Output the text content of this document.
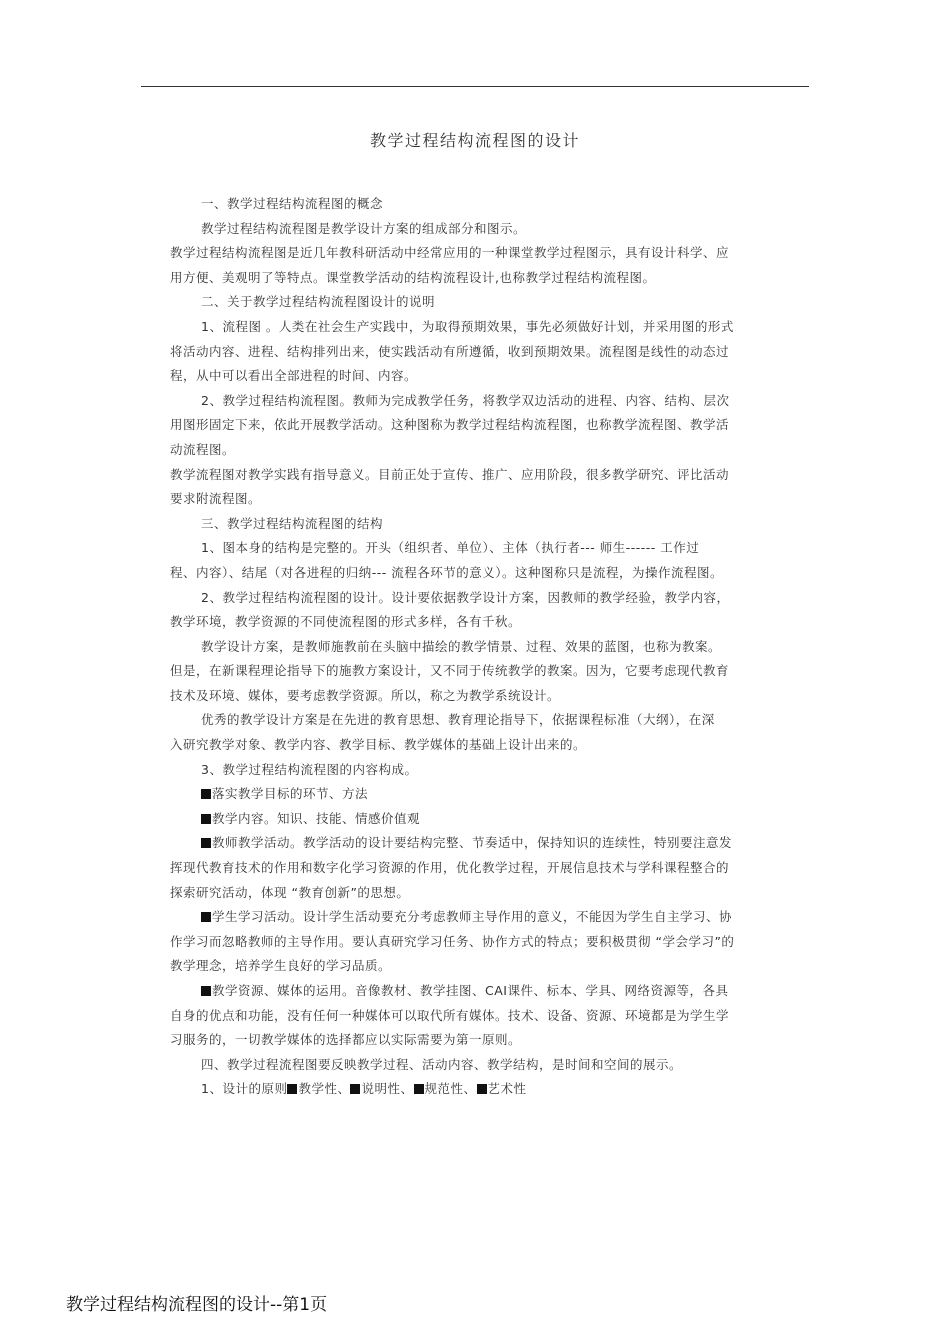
教学过程结构流程图的设计
一、教学过程结构流程图的概念
教学过程结构流程图是教学设计方案的组成部分和图示。
教学过程结构流程图是近几年教科研活动中经常应用的一种课堂教学过程图示，具有设计科学、应
用方便、美观明了等特点。课堂教学活动的结构流程设计,也称教学过程结构流程图。
二、关于教学过程结构流程图设计的说明
1、流程图 。人类在社会生产实践中，为取得预期效果，事先必须做好计划，并采用图的形式
将活动内容、进程、结构排列出来，使实践活动有所遵循，收到预期效果。流程图是线性的动态过
程，从中可以看出全部进程的时间、内容。
2、教学过程结构流程图。教师为完成教学任务，将教学双边活动的进程、内容、结构、层次
用图形固定下来，依此开展教学活动。这种图称为教学过程结构流程图，也称教学流程图、教学活
动流程图。
教学流程图对教学实践有指导意义。目前正处于宣传、推广、应用阶段，很多教学研究、评比活动
要求附流程图。
三、教学过程结构流程图的结构
1、图本身的结构是完整的。开头（组织者、单位）、主体（执行者--- 师生------ 工作过
程、内容）、结尾（对各进程的归纳--- 流程各环节的意义）。这种图称只是流程，为操作流程图。
2、教学过程结构流程图的设计。设计要依据教学设计方案，因教师的教学经验，教学内容，
教学环境，教学资源的不同使流程图的形式多样，各有千秋。
教学设计方案，是教师施教前在头脑中描绘的教学情景、过程、效果的蓝图，也称为教案。
但是，在新课程理论指导下的施教方案设计，又不同于传统教学的教案。因为，它要考虑现代教育
技术及环境、媒体，要考虑教学资源。所以，称之为教学系统设计。
优秀的教学设计方案是在先进的教育思想、教育理论指导下，依据课程标准（大纲），在深
入研究教学对象、教学内容、教学目标、教学媒体的基础上设计出来的。
3、教学过程结构流程图的内容构成。
落实教学目标的环节、方法
教学内容。知识、技能、情感价值观
教师教学活动。教学活动的设计要结构完整、节奏适中，保持知识的连续性，特别要注意发
挥现代教育技术的作用和数字化学习资源的作用，优化教学过程，开展信息技术与学科课程整合的
探索研究活动，体现 “教育创新”的思想。
学生学习活动。设计学生活动要充分考虑教师主导作用的意义，不能因为学生自主学习、协
作学习而忽略教师的主导作用。要认真研究学习任务、协作方式的特点；要积极贯彻 “学会学习”的
教学理念，培养学生良好的学习品质。
教学资源、媒体的运用。音像教材、教学挂图、CAI课件、标本、学具、网络资源等，各具
自身的优点和功能，没有任何一种媒体可以取代所有媒体。技术、设备、资源、环境都是为学生学
习服务的，一切教学媒体的选择都应以实际需要为第一原则。
四、教学过程流程图要反映教学过程、活动内容、教学结构，是时间和空间的展示。
1、设计的原则 教学性、 说明性、 规范性、 艺术性
教学过程结构流程图的设计--第1页
